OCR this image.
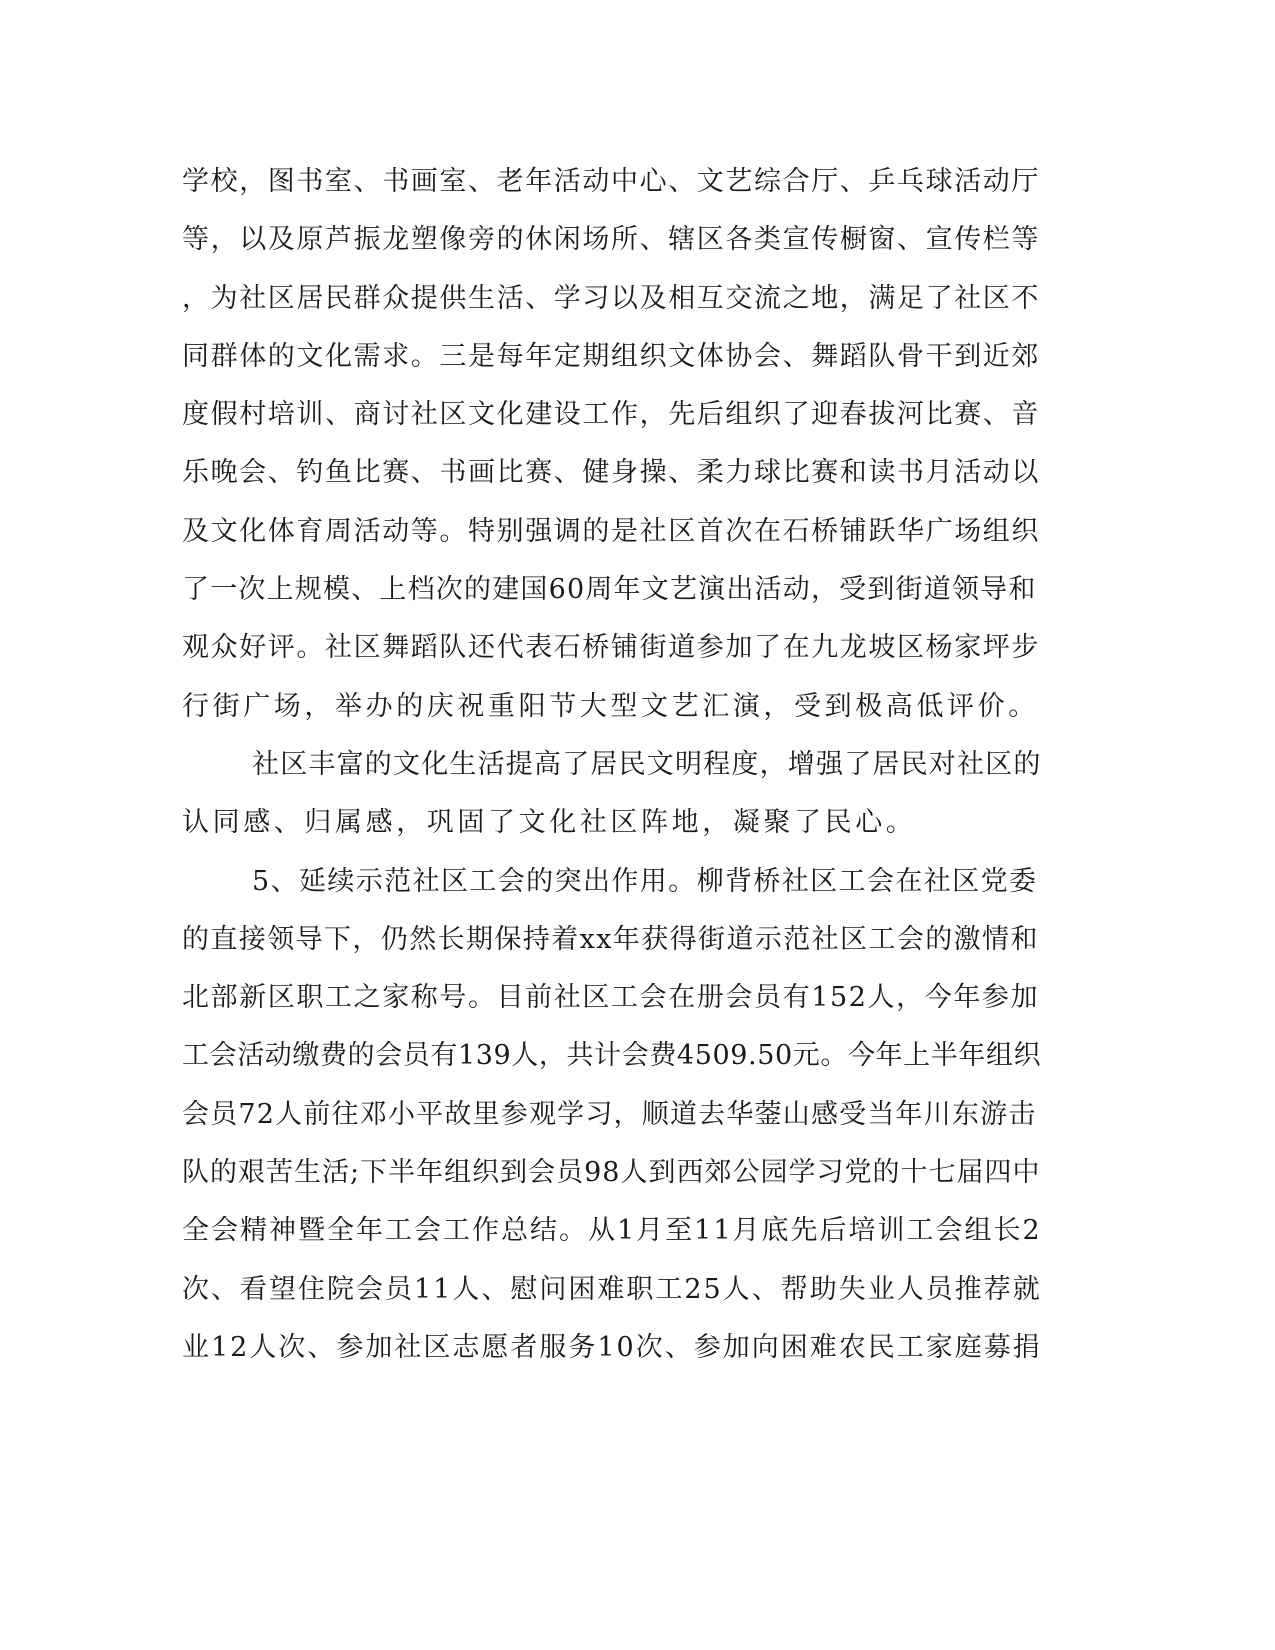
学校，图书室、书画室、老年活动中心、文艺综合厅、乒乓球活动厅
等，以及原芦振龙塑像旁的休闲场所、辖区各类宣传橱窗、宣传栏等
，为社区居民群众提供生活、学习以及相互交流之地，满足了社区不
同群体的文化需求。三是每年定期组织文体协会、舞蹈队骨干到近郊
度假村培训、商讨社区文化建设工作，先后组织了迎春拔河比赛、音
乐晚会、钓鱼比赛、书画比赛、健身操、柔力球比赛和读书月活动以
及文化体育周活动等。特别强调的是社区首次在石桥铺跃华广场组织
了一次上规模、上档次的建国60周年文艺演出活动，受到街道领导和
观众好评。社区舞蹈队还代表石桥铺街道参加了在九龙坡区杨家坪步
行街广场，举办的庆祝重阳节大型文艺汇演，受到极高低评价。
社区丰富的文化生活提高了居民文明程度，增强了居民对社区的
认同感、归属感，巩固了文化社区阵地，凝聚了民心。
5、延续示范社区工会的突出作用。柳背桥社区工会在社区党委
的直接领导下，仍然长期保持着xx年获得街道示范社区工会的激情和
北部新区职工之家称号。目前社区工会在册会员有152人，今年参加
工会活动缴费的会员有139人，共计会费4509.50元。今年上半年组织
会员72人前往邓小平故里参观学习，顺道去华蓥山感受当年川东游击
队的艰苦生活;下半年组织到会员98人到西郊公园学习党的十七届四中
全会精神暨全年工会工作总结。从1月至11月底先后培训工会组长2
次、看望住院会员11人、慰问困难职工25人、帮助失业人员推荐就
业12人次、参加社区志愿者服务10次、参加向困难农民工家庭募捐
